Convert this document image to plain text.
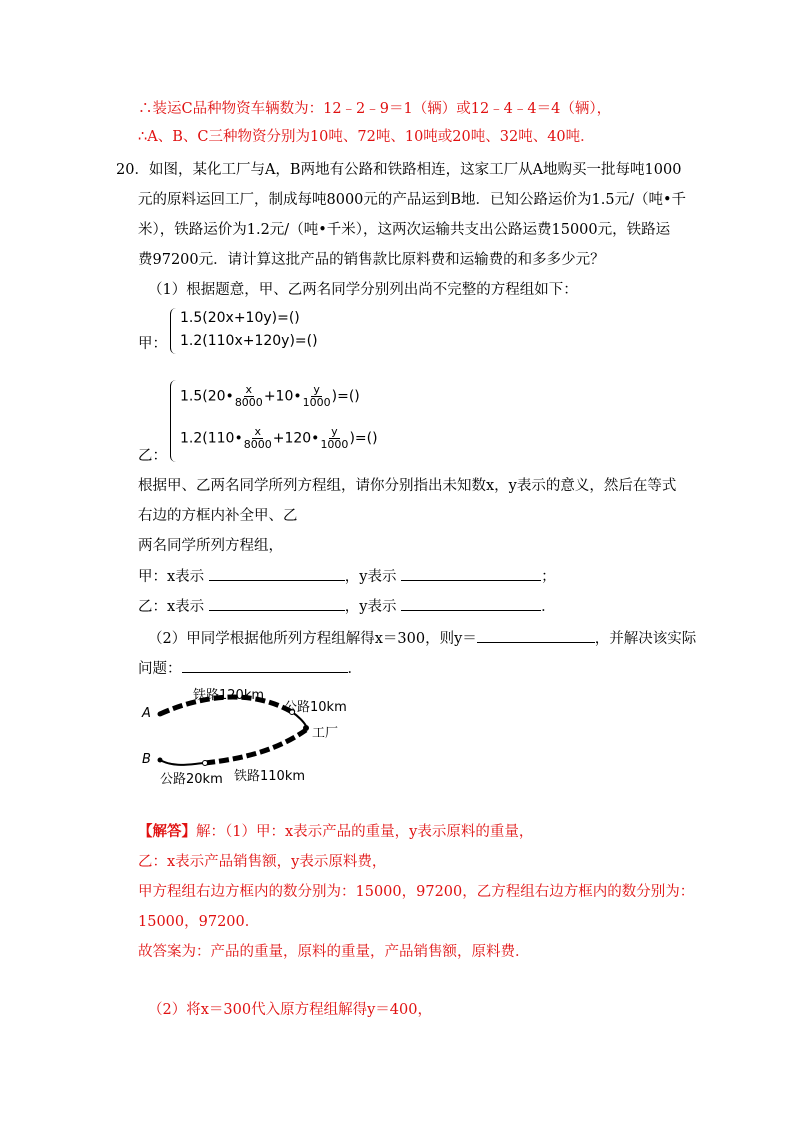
∴装运C品种物资车辆数为：12﹣2﹣9＝1（辆）或12﹣4﹣4＝4（辆），
∴A、B、C三种物资分别为10吨、72吨、10吨或20吨、32吨、40吨．
20．如图，某化工厂与A，B两地有公路和铁路相连，这家工厂从A地购买一批每吨1000
元的原料运回工厂，制成每吨8000元的产品运到B地．已知公路运价为1.5元/（吨•千
米），铁路运价为1.2元/（吨•千米），这两次运输共支出公路运费15000元，铁路运
费97200元．请计算这批产品的销售款比原料费和运输费的和多多少元？
（1）根据题意，甲、乙两名同学分别列出尚不完整的方程组如下：
1.5(20x+10y)=()
1.2(110x+120y)=()
甲：
1.5(20• $\frac{x}{8000}$ +10• $\frac{y}{1000}$ )=()
1.2(110• $\frac{x}{8000}$ +120• $\frac{y}{1000}$ )=()
乙：
根据甲、乙两名同学所列方程组，请你分别指出未知数x，y表示的意义，然后在等式
右边的方框内补全甲、乙
两名同学所列方程组，
甲：x表示	，y表示	；
乙：x表示	，y表示	．
（2）甲同学根据他所列方程组解得x＝300，则y＝	，并解决该实际
问题：	．
铁路120km
公路10km
工厂
A
B
公路20km 铁路110km
【解答】解：（1）甲：x表示产品的重量，y表示原料的重量，
乙：x表示产品销售额，y表示原料费，
甲方程组右边方框内的数分别为：15000，97200，乙方程组右边方框内的数分别为：
15000，97200．
故答案为：产品的重量，原料的重量，产品销售额，原料费．
（2）将x＝300代入原方程组解得y＝400，
